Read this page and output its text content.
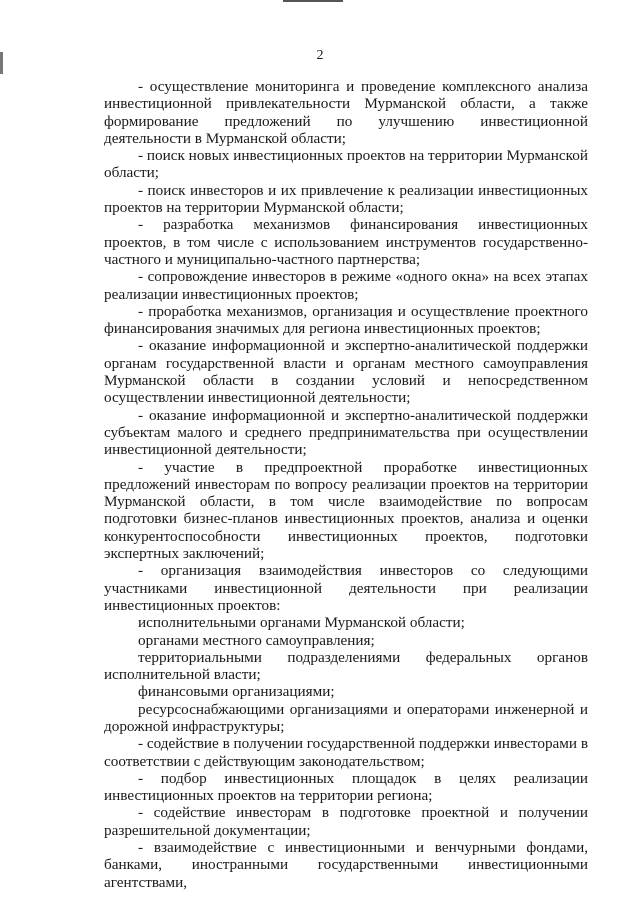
2

- осуществление мониторинга и проведение комплексного анализа инвестиционной привлекательности Мурманской области, а также формирование предложений по улучшению инвестиционной деятельности в Мурманской области;

- поиск новых инвестиционных проектов на территории Мурманской области;

- поиск инвесторов и их привлечение к реализации инвестиционных проектов на территории Мурманской области;

- разработка механизмов финансирования инвестиционных проектов, в том числе с использованием инструментов государственно-частного и муниципально-частного партнерства;

- сопровождение инвесторов в режиме «одного окна» на всех этапах реализации инвестиционных проектов;

- проработка механизмов, организация и осуществление проектного финансирования значимых для региона инвестиционных проектов;

- оказание информационной и экспертно-аналитической поддержки органам государственной власти и органам местного самоуправления Мурманской области в создании условий и непосредственном осуществлении инвестиционной деятельности;

- оказание информационной и экспертно-аналитической поддержки субъектам малого и среднего предпринимательства при осуществлении инвестиционной деятельности;

- участие в предпроектной проработке инвестиционных предложений инвесторам по вопросу реализации проектов на территории Мурманской области, в том числе взаимодействие по вопросам подготовки бизнес-планов инвестиционных проектов, анализа и оценки конкурентоспособности инвестиционных проектов, подготовки экспертных заключений;

- организация взаимодействия инвесторов со следующими участниками инвестиционной деятельности при реализации инвестиционных проектов:

исполнительными органами Мурманской области;

органами местного самоуправления;

территориальными подразделениями федеральных органов исполнительной власти;

финансовыми организациями;

ресурсоснабжающими организациями и операторами инженерной и дорожной инфраструктуры;

- содействие в получении государственной поддержки инвесторами в соответствии с действующим законодательством;

- подбор инвестиционных площадок в целях реализации инвестиционных проектов на территории региона;

- содействие инвесторам в подготовке проектной и получении разрешительной документации;

- взаимодействие с инвестиционными и венчурными фондами, банками, иностранными государственными инвестиционными агентствами,
